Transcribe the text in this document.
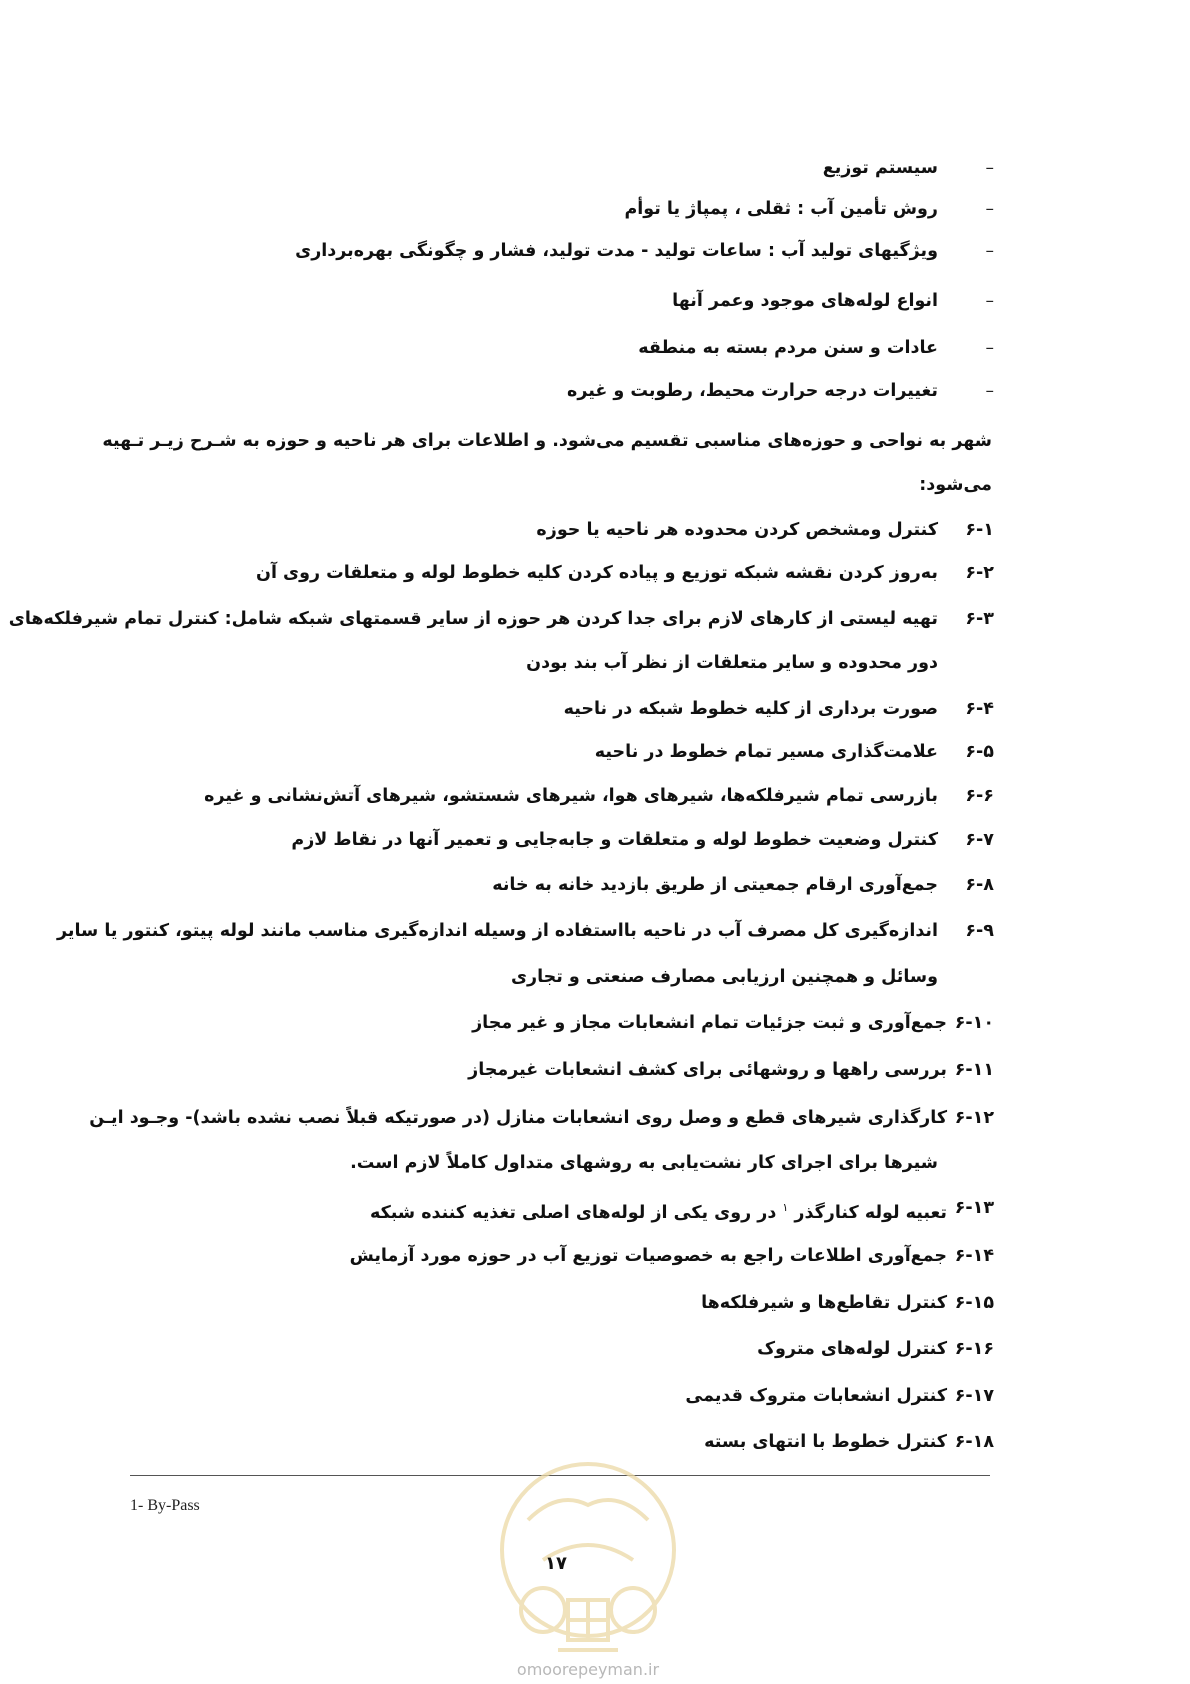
–
سیستم توزیع
–
روش تأمین آب : ثقلی ، پمپاژ یا توأم
–
ویژگیهای تولید آب : ساعات تولید - مدت تولید، فشار و چگونگی بهره‌برداری
–
انواع لوله‌های موجود وعمر آنها
–
عادات و سنن مردم بسته به منطقه
–
تغییرات درجه حرارت محیط، رطوبت و غیره
شهر به نواحی و حوزه‌های مناسبی تقسیم می‌شود. و اطلاعات برای هر ناحیه و حوزه به شـرح زیـر تـهیه
می‌شود:
۶-۱
کنترل ومشخص کردن محدوده هر ناحیه یا حوزه
۶-۲
به‌روز کردن نقشه شبکه توزیع و پیاده کردن کلیه خطوط لوله و متعلقات روی آن
۶-۳
تهیه لیستی از کارهای لازم برای جدا کردن هر حوزه از سایر قسمتهای شبکه شامل: کنترل تمام شیرفلکه‌های
دور محدوده و سایر متعلقات از نظر آب بند بودن
۶-۴
صورت برداری از کلیه خطوط شبکه در ناحیه
۶-۵
علامت‌گذاری مسیر تمام خطوط در ناحیه
۶-۶
بازرسی تمام شیرفلکه‌ها، شیرهای هوا، شیرهای شستشو، شیرهای آتش‌نشانی و غیره
۶-۷
کنترل وضعیت خطوط لوله و متعلقات و جابه‌جایی و تعمیر آنها در نقاط لازم
۶-۸
جمع‌آوری ارقام جمعیتی از طریق بازدید خانه به خانه
۶-۹
اندازه‌گیری کل مصرف آب در ناحیه بااستفاده از وسیله اندازه‌گیری مناسب مانند لوله پیتو، کنتور یا سایر
وسائل و همچنین ارزیابی مصارف صنعتی و تجاری
۶-۱۰
جمع‌آوری و ثبت جزئیات تمام انشعابات مجاز و غیر مجاز
۶-۱۱
بررسی راهها و روشهائی برای کشف انشعابات غیرمجاز
۶-۱۲
کارگذاری شیرهای قطع و وصل روی انشعابات منازل (در صورتیکه قبلاً نصب نشده باشد)- وجـود ایـن
شیرها برای اجرای کار نشت‌یابی به روشهای متداول کاملاً لازم است.
۶-۱۳
تعبیه لوله کنارگذر $^۱$ در روی یکی از لوله‌های اصلی تغذیه کننده شبکه
۶-۱۴
جمع‌آوری اطلاعات راجع به خصوصیات توزیع آب در حوزه مورد آزمایش
۶-۱۵
کنترل تقاطع‌ها و شیرفلکه‌ها
۶-۱۶
کنترل لوله‌های متروک
۶-۱۷
کنترل انشعابات متروک قدیمی
۶-۱۸
کنترل خطوط با انتهای بسته
1- By-Pass
omoorepeyman.ir
۱۷
